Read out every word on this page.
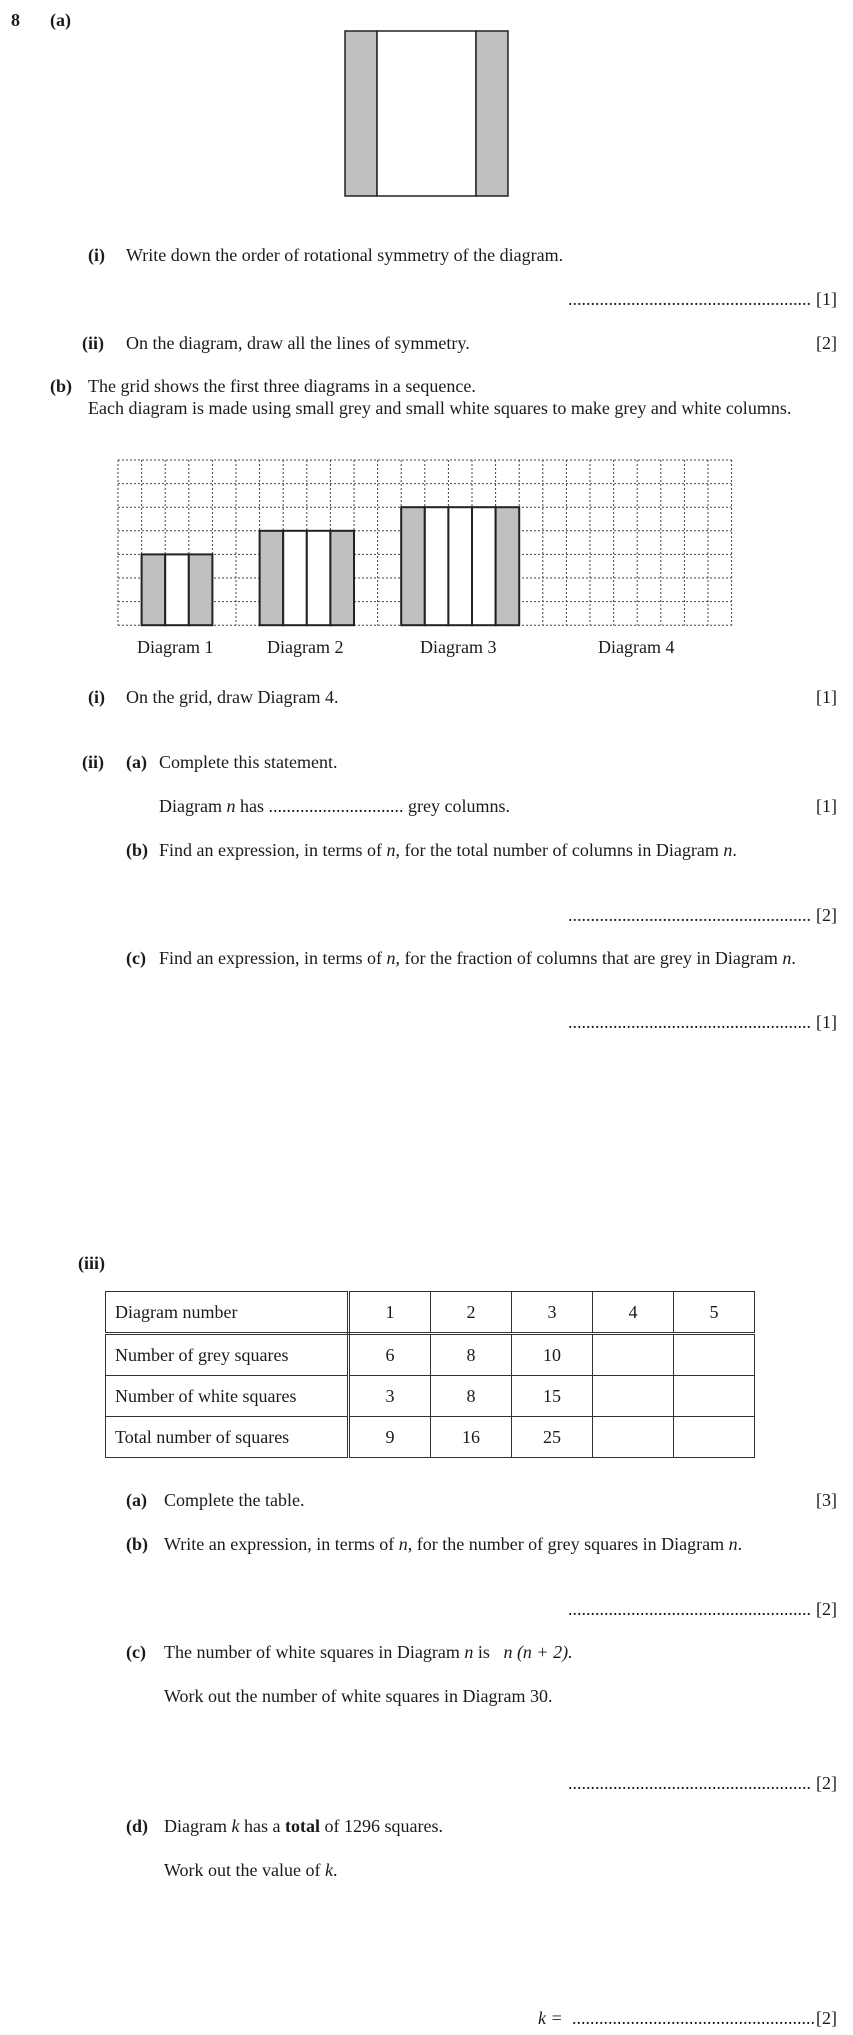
8 (a)
(i) Write down the order of rotational symmetry of the diagram.
...................................................... [1]
(ii) On the diagram, draw all the lines of symmetry.	[2]
(b) The grid shows the first three diagrams in a sequence.
Each diagram is made using small grey and small white squares to make grey and white columns.
Diagram 1	Diagram 2	Diagram 3	Diagram 4
(i) On the grid, draw Diagram 4.	[1]
(ii) (a) Complete this statement.
Diagram n has .............................. grey columns.	[1]
(b) Find an expression, in terms of n, for the total number of columns in Diagram n.
...................................................... [2]
(c) Find an expression, in terms of n, for the fraction of columns that are grey in Diagram n.
...................................................... [1]
(iii)
Diagram number	1	2	3	4	5
Number of grey squares	6	8	10		
Number of white squares	3	8	15		
Total number of squares	9	16	25		
(a) Complete the table.	[3]
(b) Write an expression, in terms of n, for the number of grey squares in Diagram n.
...................................................... [2]
(c) The number of white squares in Diagram n is n (n + 2).
Work out the number of white squares in Diagram 30.
...................................................... [2]
(d) Diagram k has a total of 1296 squares.
Work out the value of k.
k = ...................................................... [2]
